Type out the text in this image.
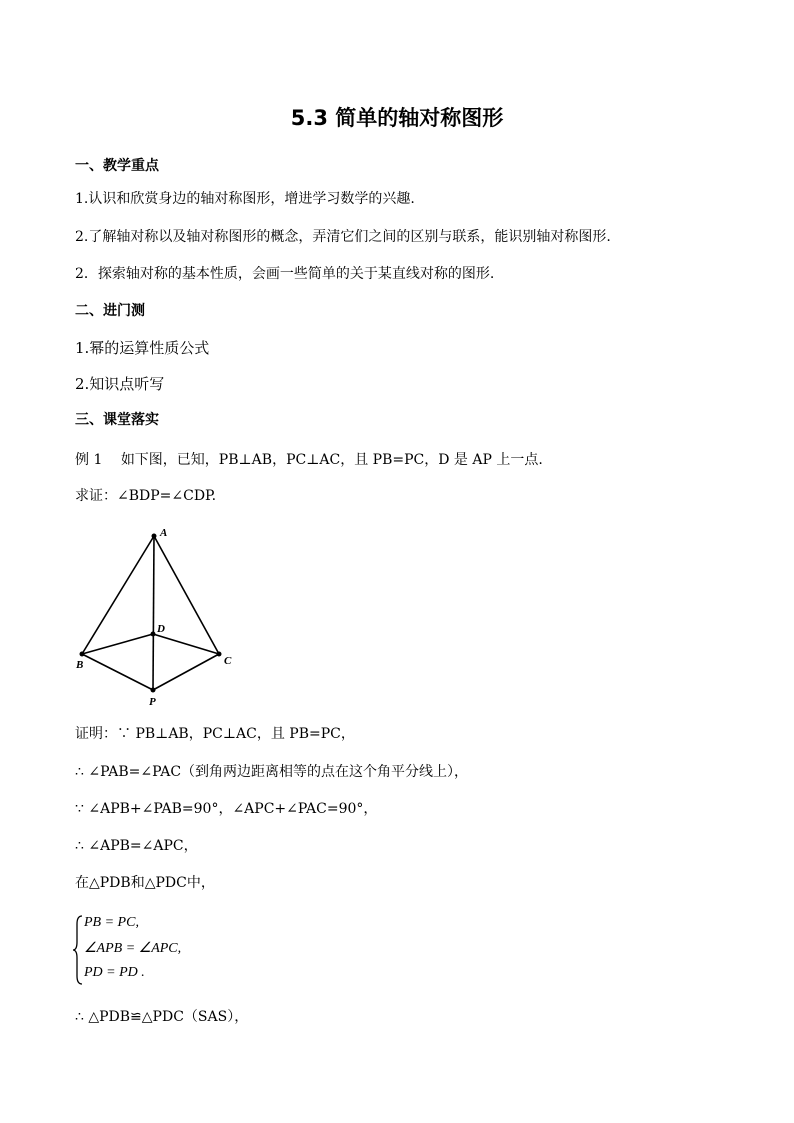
5.3 简单的轴对称图形
一、教学重点
1.认识和欣赏身边的轴对称图形，增进学习数学的兴趣.
2.了解轴对称以及轴对称图形的概念，弄清它们之间的区别与联系，能识别轴对称图形.
2．探索轴对称的基本性质，会画一些简单的关于某直线对称的图形.
二、进门测
1.幂的运算性质公式
2.知识点听写
三、课堂落实
例 1 如下图，已知，PB⊥AB，PC⊥AC，且 PB=PC，D 是 AP 上一点.
求证：∠BDP=∠CDP.
A
B	C
D
P
证明：∵ PB⊥AB，PC⊥AC，且 PB=PC，
∴ ∠PAB=∠PAC（到角两边距离相等的点在这个角平分线上），
∵ ∠APB+∠PAB=90°，∠APC+∠PAC=90°，
∴ ∠APB=∠APC，
在△PDB和△PDC中，
PB = PC,
∠APB = ∠APC,
PD = PD .
∴ △PDB≌△PDC（SAS），
